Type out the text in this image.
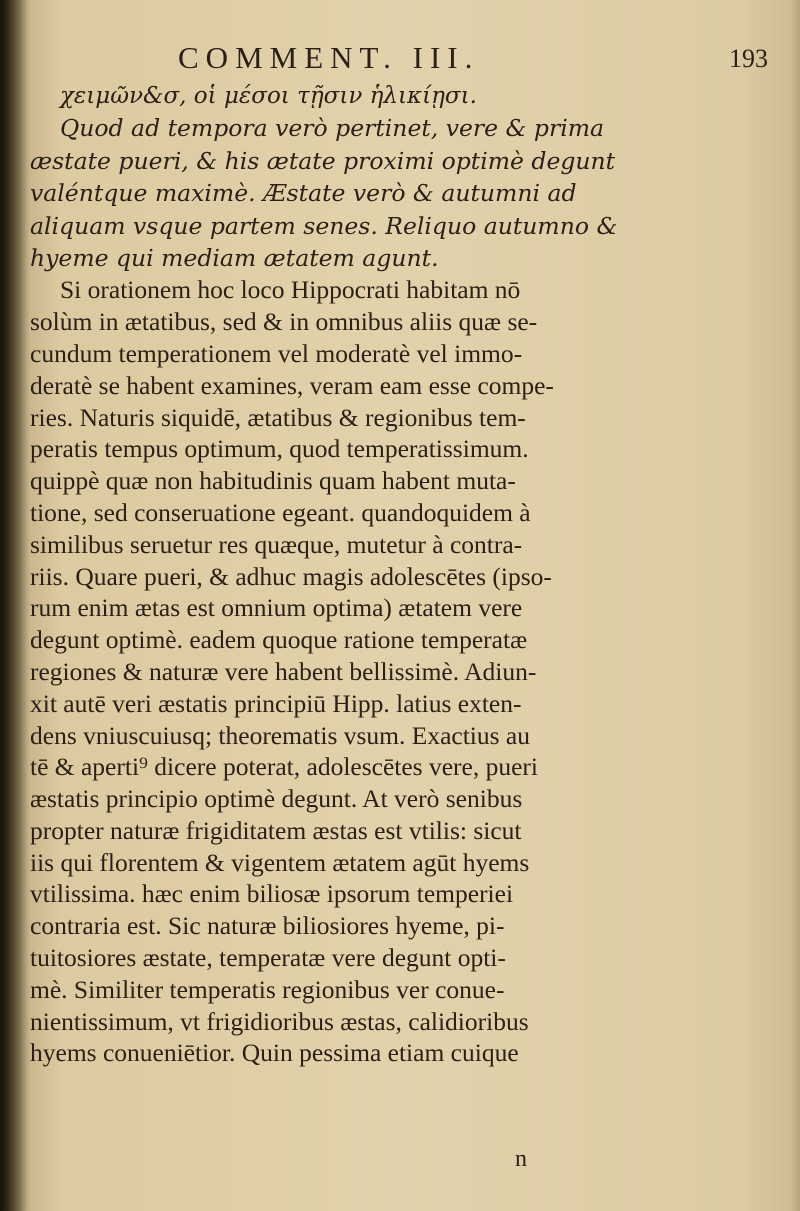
COMMENT. III.	193
χειμῶν&σ, οἱ μέσοι τῇσιν ἡλικίῃσι.
Quod ad tempora verò pertinet, vere & prima
æstate pueri, & his ætate proximi optimè degunt
valéntque maximè. Æstate verò & autumni ad
aliquam vsque partem senes. Reliquo autumno &
hyeme qui mediam ætatem agunt.
Si orationem hoc loco Hippocrati habitam nō
solùm in ætatibus, sed & in omnibus aliis quæ se-
cundum temperationem vel moderatè vel immo-
deratè se habent examines, veram eam esse compe-
ries. Naturis siquidē, ætatibus & regionibus tem-
peratis tempus optimum, quod temperatissimum.
quippè quæ non habitudinis quam habent muta-
tione, sed conseruatione egeant. quandoquidem à
similibus seruetur res quæque, mutetur à contra-
riis. Quare pueri, & adhuc magis adolescētes (ipso-
rum enim ætas est omnium optima) ætatem vere
degunt optimè. eadem quoque ratione temperatæ
regiones & naturæ vere habent bellissimè. Adiun-
xit autē veri æstatis principiū Hipp. latius exten-
dens vniuscuiusq; theorematis vsum. Exactius au
tē & aperti⁹ dicere poterat, adolescētes vere, pueri
æstatis principio optimè degunt. At verò senibus
propter naturæ frigiditatem æstas est vtilis: sicut
iis qui florentem & vigentem ætatem agūt hyems
vtilissima. hæc enim biliosæ ipsorum temperiei
contraria est. Sic naturæ biliosiores hyeme, pi-
tuitosiores æstate, temperatæ vere degunt opti-
mè. Similiter temperatis regionibus ver conue-
nientissimum, vt frigidioribus æstas, calidioribus
hyems conueniētior. Quin pessima etiam cuique
n
